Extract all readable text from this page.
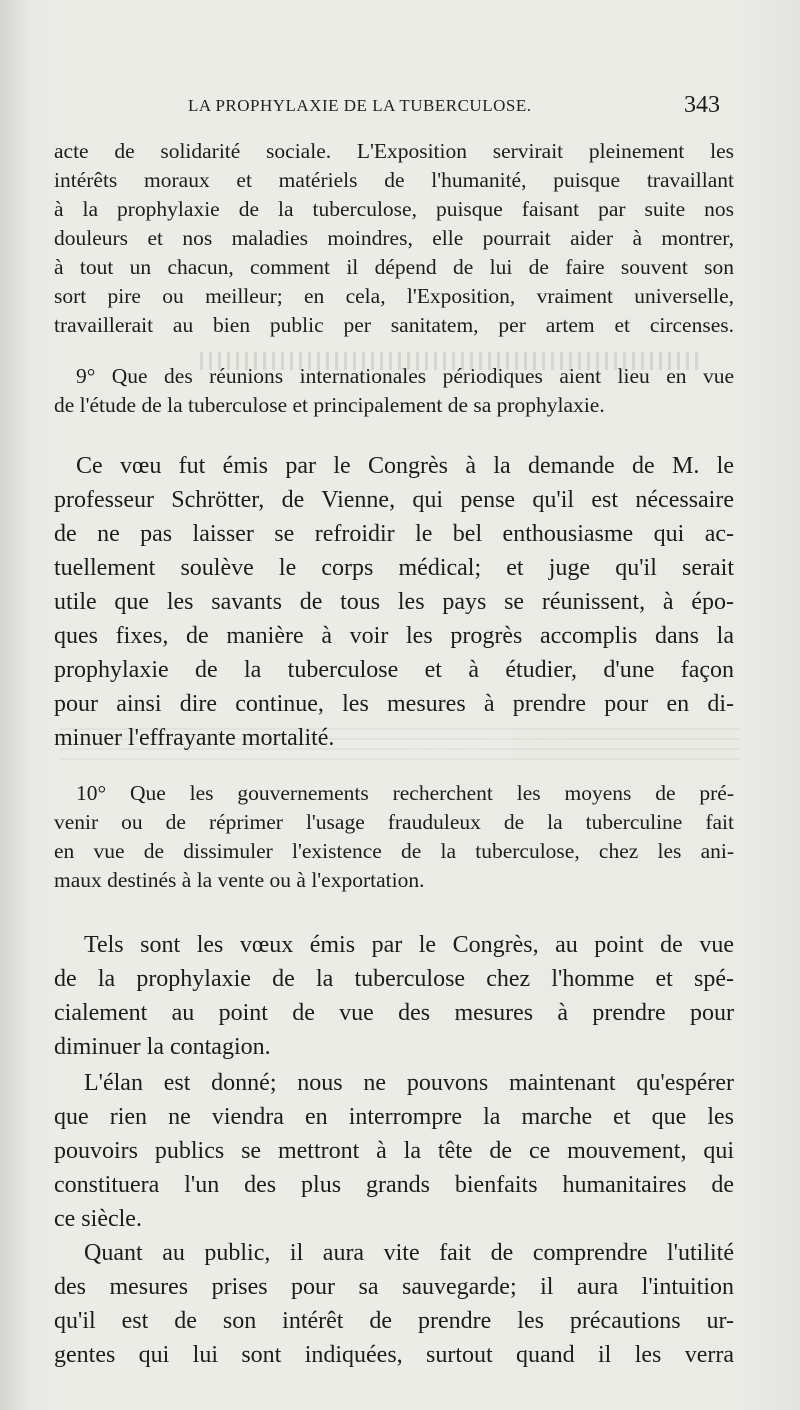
LA PROPHYLAXIE DE LA TUBERCULOSE.	343
acte de solidarité sociale. L'Exposition servirait pleinement les
intérêts moraux et matériels de l'humanité, puisque travaillant
à la prophylaxie de la tuberculose, puisque faisant par suite nos
douleurs et nos maladies moindres, elle pourrait aider à montrer,
à tout un chacun, comment il dépend de lui de faire souvent son
sort pire ou meilleur; en cela, l'Exposition, vraiment universelle,
travaillerait au bien public per sanitatem, per artem et circenses.
9° Que des réunions internationales périodiques aient lieu en vue
de l'étude de la tuberculose et principalement de sa prophylaxie.
Ce vœu fut émis par le Congrès à la demande de M. le
professeur Schrötter, de Vienne, qui pense qu'il est nécessaire
de ne pas laisser se refroidir le bel enthousiasme qui ac-
tuellement soulève le corps médical; et juge qu'il serait
utile que les savants de tous les pays se réunissent, à épo-
ques fixes, de manière à voir les progrès accomplis dans la
prophylaxie de la tuberculose et à étudier, d'une façon
pour ainsi dire continue, les mesures à prendre pour en di-
minuer l'effrayante mortalité.
10° Que les gouvernements recherchent les moyens de pré-
venir ou de réprimer l'usage frauduleux de la tuberculine fait
en vue de dissimuler l'existence de la tuberculose, chez les ani-
maux destinés à la vente ou à l'exportation.
Tels sont les vœux émis par le Congrès, au point de vue
de la prophylaxie de la tuberculose chez l'homme et spé-
cialement au point de vue des mesures à prendre pour
diminuer la contagion.
L'élan est donné; nous ne pouvons maintenant qu'espérer
que rien ne viendra en interrompre la marche et que les
pouvoirs publics se mettront à la tête de ce mouvement, qui
constituera l'un des plus grands bienfaits humanitaires de
ce siècle.
Quant au public, il aura vite fait de comprendre l'utilité
des mesures prises pour sa sauvegarde; il aura l'intuition
qu'il est de son intérêt de prendre les précautions ur-
gentes qui lui sont indiquées, surtout quand il les verra
